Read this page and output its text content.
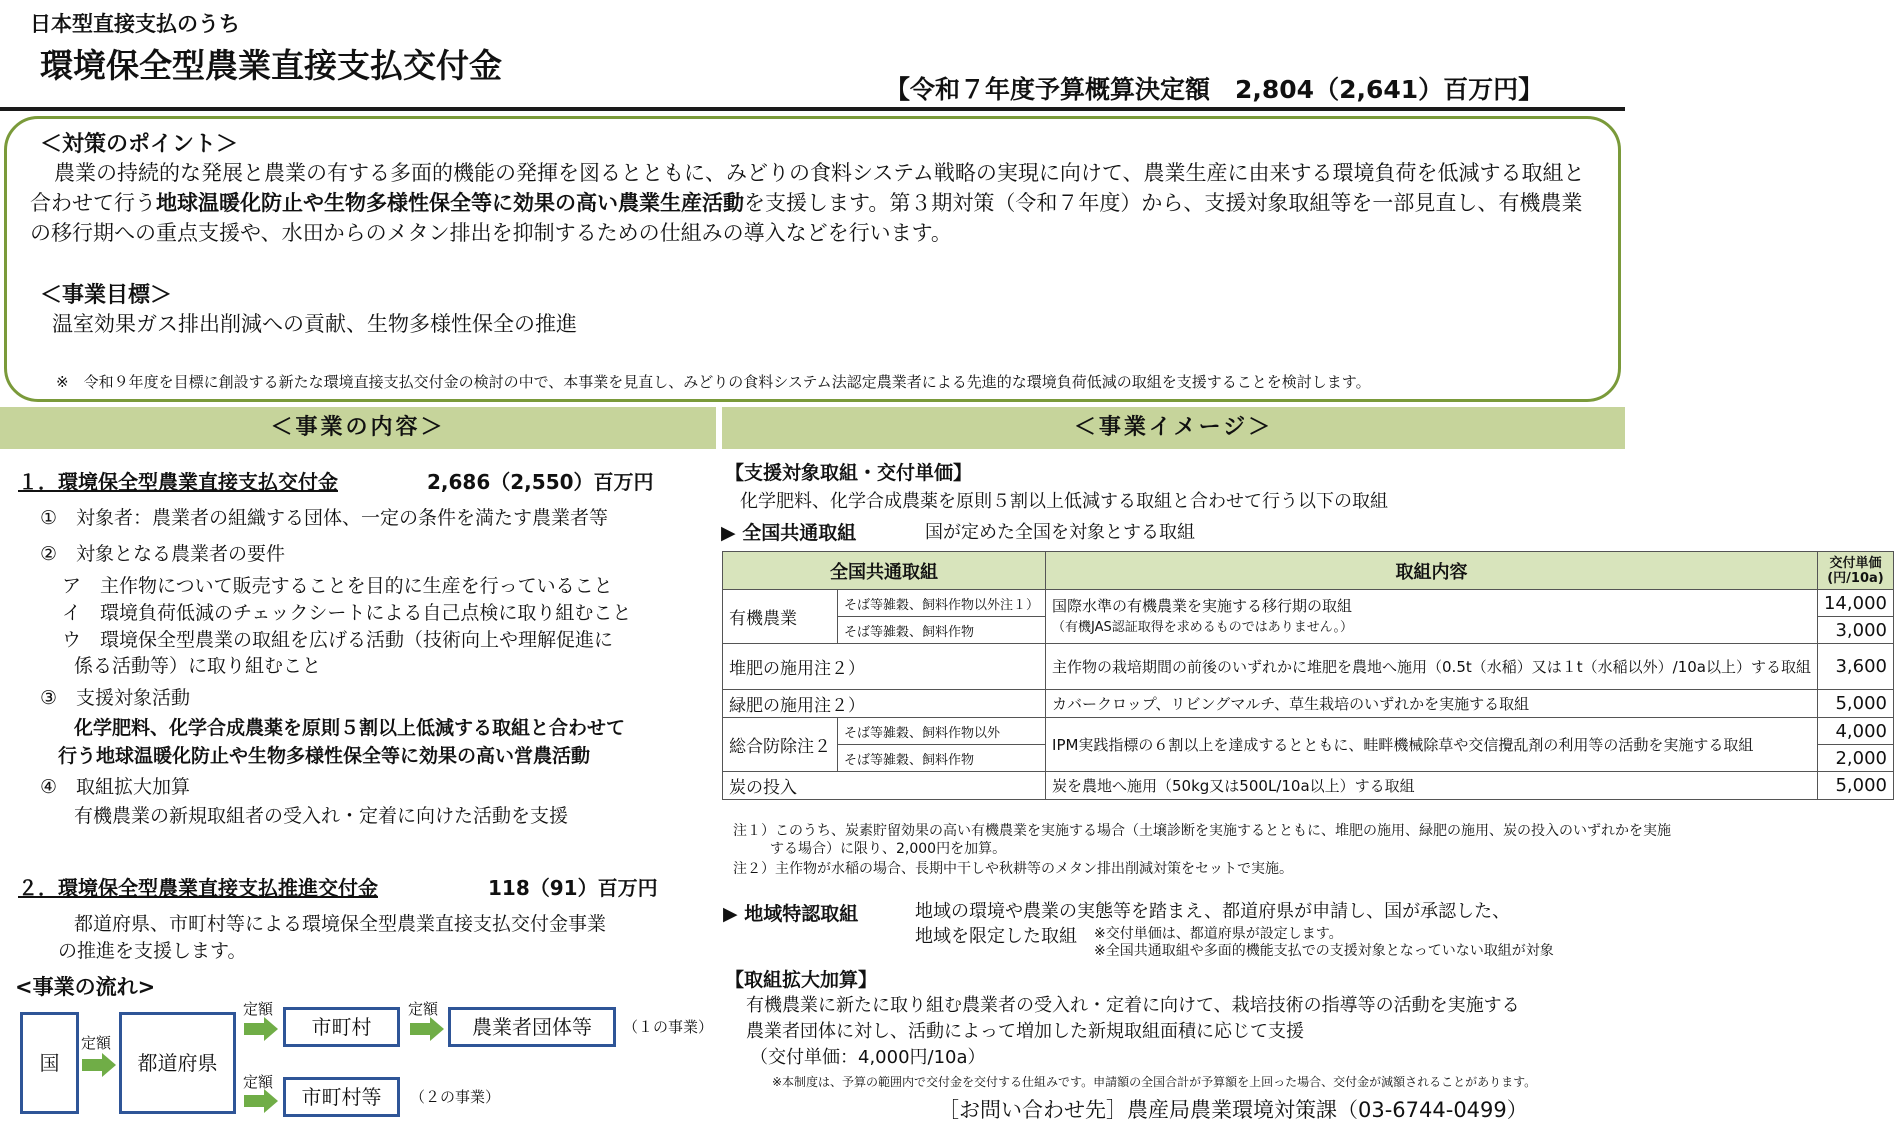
日本型直接支払のうち
環境保全型農業直接支払交付金
【令和７年度予算概算決定額　2,804（2,641）百万円】
＜対策のポイント＞
農業の持続的な発展と農業の有する多面的機能の発揮を図るとともに、みどりの食料システム戦略の実現に向けて、農業生産に由来する環境負荷を低減する取組と合わせて行う地球温暖化防止や生物多様性保全等に効果の高い農業生産活動を支援します。第３期対策（令和７年度）から、支援対象取組等を一部見直し、有機農業の移行期への重点支援や、水田からのメタン排出を抑制するための仕組みの導入などを行います。
＜事業目標＞
温室効果ガス排出削減への貢献、生物多様性保全の推進
※　令和９年度を目標に創設する新たな環境直接支払交付金の検討の中で、本事業を見直し、みどりの食料システム法認定農業者による先進的な環境負荷低減の取組を支援することを検討します。
＜事業の内容＞	＜事業イメージ＞
１．環境保全型農業直接支払交付金	2,686（2,550）百万円
①　対象者：農業者の組織する団体、一定の条件を満たす農業者等
②　対象となる農業者の要件
ア　主作物について販売することを目的に生産を行っていること
イ　環境負荷低減のチェックシートによる自己点検に取り組むこと
ウ　環境保全型農業の取組を広げる活動（技術向上や理解促進に
係る活動等）に取り組むこと
③　支援対象活動
化学肥料、化学合成農薬を原則５割以上低減する取組と合わせて
行う地球温暖化防止や生物多様性保全等に効果の高い営農活動
④　取組拡大加算
有機農業の新規取組者の受入れ・定着に向けた活動を支援
２．環境保全型農業直接支払推進交付金	118（91）百万円
都道府県、市町村等による環境保全型農業直接支払交付金事業
の推進を支援します。
<事業の流れ>
国
定額
都道府県
定額
市町村
定額
農業者団体等	（１の事業）
定額
市町村等	（２の事業）
【支援対象取組・交付単価】
化学肥料、化学合成農薬を原則５割以上低減する取組と合わせて行う以下の取組
▶ 全国共通取組	国が定めた全国を対象とする取組
全国共通取組		取組内容	交付単価
(円/10a)
有機農業	そば等雑穀、飼料作物以外注１）	国際水準の有機農業を実施する移行期の取組
（有機JAS認証取得を求めるものではありません。）	14,000
	そば等雑穀、飼料作物		3,000
堆肥の施用注２）		主作物の栽培期間の前後のいずれかに堆肥を農地へ施用（0.5t（水稲）又は１t（水稲以外）/10a以上）する取組	3,600
緑肥の施用注２）		カバークロップ、リビングマルチ、草生栽培のいずれかを実施する取組	5,000
総合防除注２	そば等雑穀、飼料作物以外	IPM実践指標の６割以上を達成するとともに、畦畔機械除草や交信攪乱剤の利用等の活動を実施する取組	4,000
	そば等雑穀、飼料作物		2,000
炭の投入		炭を農地へ施用（50kg又は500L/10a以上）する取組	5,000
注１）このうち、炭素貯留効果の高い有機農業を実施する場合（土壌診断を実施するとともに、堆肥の施用、緑肥の施用、炭の投入のいずれかを実施
する場合）に限り、2,000円を加算。
注２）主作物が水稲の場合、長期中干しや秋耕等のメタン排出削減対策をセットで実施。
▶ 地域特認取組	地域の環境や農業の実態等を踏まえ、都道府県が申請し、国が承認した、
地域を限定した取組 ※交付単価は、都道府県が設定します。
※全国共通取組や多面的機能支払での支援対象となっていない取組が対象
【取組拡大加算】
有機農業に新たに取り組む農業者の受入れ・定着に向けて、栽培技術の指導等の活動を実施する
農業者団体に対し、活動によって増加した新規取組面積に応じて支援
（交付単価：4,000円/10a）
※本制度は、予算の範囲内で交付金を交付する仕組みです。申請額の全国合計が予算額を上回った場合、交付金が減額されることがあります。
［お問い合わせ先］農産局農業環境対策課（03-6744-0499）
